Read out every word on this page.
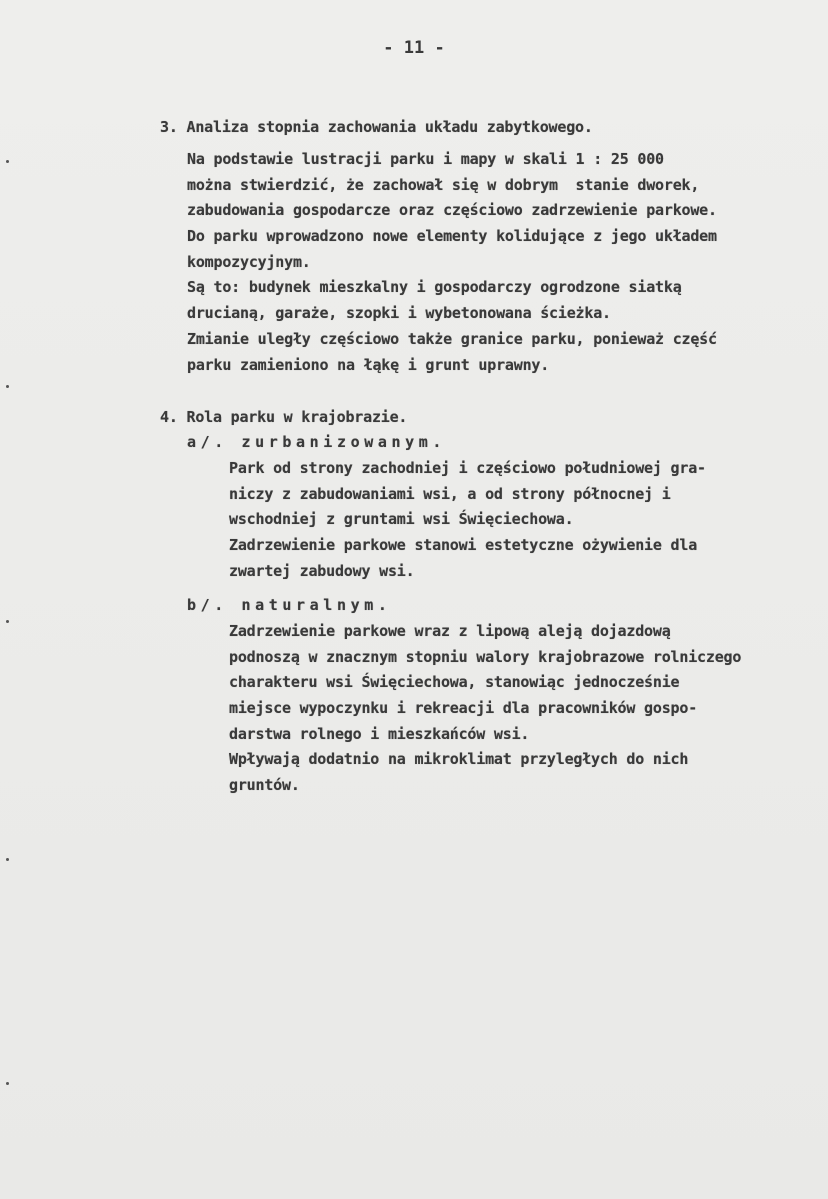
- 11 -
3. Analiza stopnia zachowania układu zabytkowego.
Na podstawie lustracji parku i mapy w skali 1 : 25 000
można stwierdzić, że zachował się w dobrym  stanie dworek,
zabudowania gospodarcze oraz częściowo zadrzewienie parkowe.
Do parku wprowadzono nowe elementy kolidujące z jego układem
kompozycyjnym.
Są to: budynek mieszkalny i gospodarczy ogrodzone siatką
drucianą, garaże, szopki i wybetonowana ścieżka.
Zmianie uległy częściowo także granice parku, ponieważ część
parku zamieniono na łąkę i grunt uprawny.
4. Rola parku w krajobrazie.
a/. zurbanizowanym.
Park od strony zachodniej i częściowo południowej gra-
niczy z zabudowaniami wsi, a od strony północnej i
wschodniej z gruntami wsi Święciechowa.
Zadrzewienie parkowe stanowi estetyczne ożywienie dla
zwartej zabudowy wsi.
b/. naturalnym.
Zadrzewienie parkowe wraz z lipową aleją dojazdową
podnoszą w znacznym stopniu walory krajobrazowe rolniczego
charakteru wsi Święciechowa, stanowiąc jednocześnie
miejsce wypoczynku i rekreacji dla pracowników gospo-
darstwa rolnego i mieszkańców wsi.
Wpływają dodatnio na mikroklimat przyległych do nich
gruntów.
